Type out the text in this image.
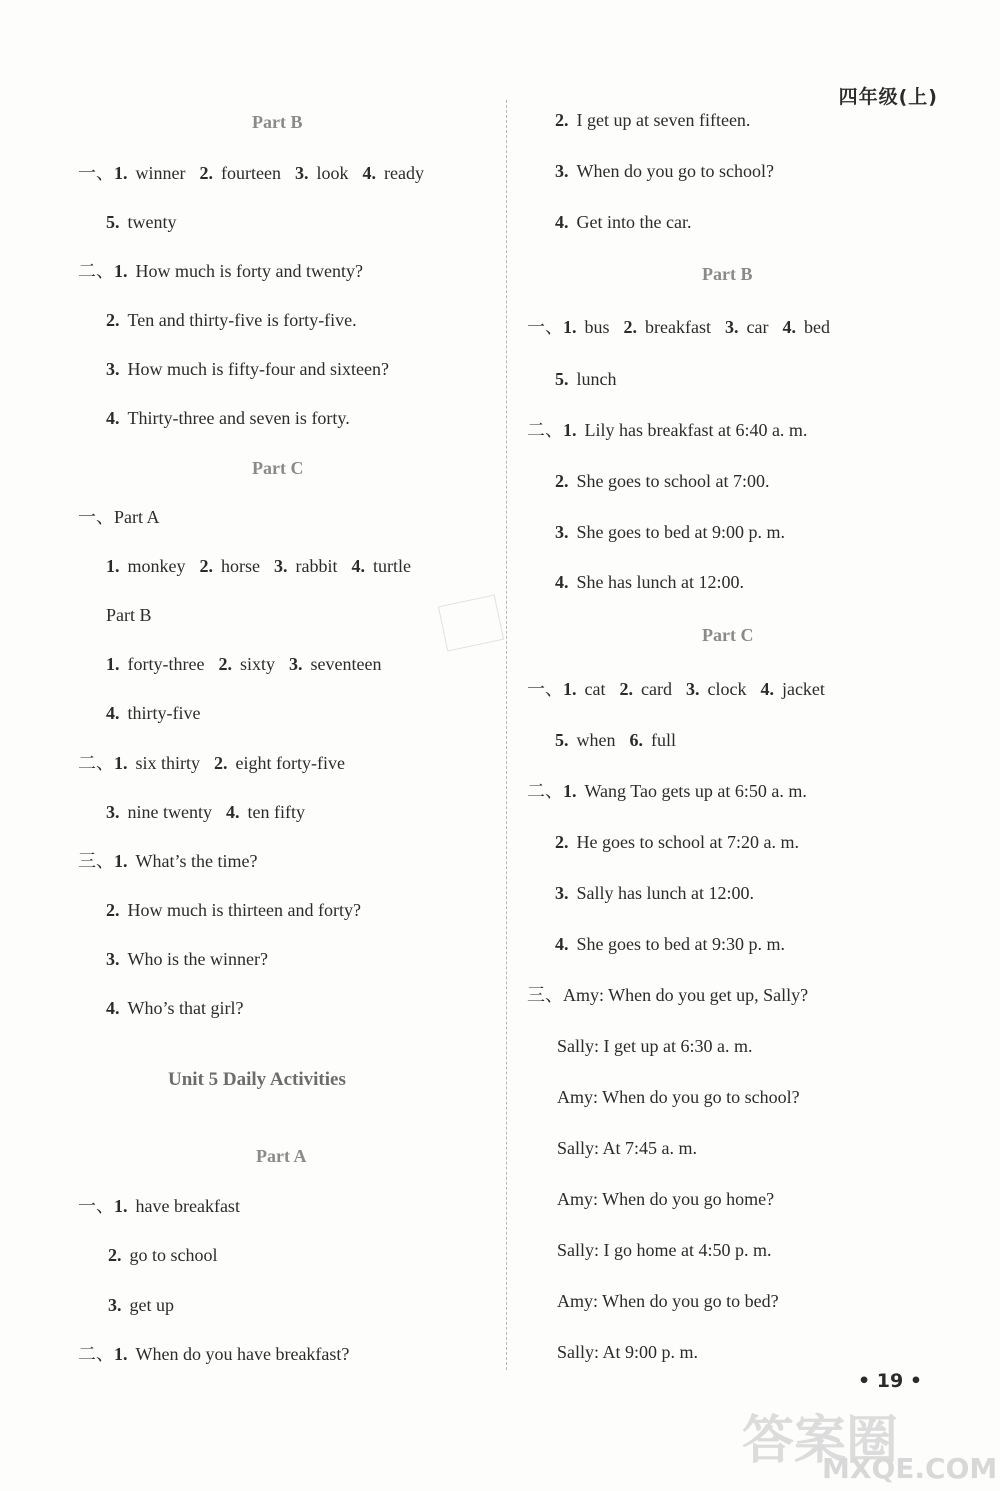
四年级(上)
Part B
一、1. winner 2. fourteen 3. look 4. ready
5. twenty
二、1. How much is forty and twenty?
2. Ten and thirty-five is forty-five.
3. How much is fifty-four and sixteen?
4. Thirty-three and seven is forty.
Part C
一、Part A
1. monkey 2. horse 3. rabbit 4. turtle
Part B
1. forty-three 2. sixty 3. seventeen
4. thirty-five
二、1. six thirty 2. eight forty-five
3. nine twenty 4. ten fifty
三、1. What’s the time?
2. How much is thirteen and forty?
3. Who is the winner?
4. Who’s that girl?
Unit 5 Daily Activities
Part A
一、1. have breakfast
2. go to school
3. get up
二、1. When do you have breakfast?
2. I get up at seven fifteen.
3. When do you go to school?
4. Get into the car.
Part B
一、1. bus 2. breakfast 3. car 4. bed
5. lunch
二、1. Lily has breakfast at 6:40 a. m.
2. She goes to school at 7:00.
3. She goes to bed at 9:00 p. m.
4. She has lunch at 12:00.
Part C
一、1. cat 2. card 3. clock 4. jacket
5. when 6. full
二、1. Wang Tao gets up at 6:50 a. m.
2. He goes to school at 7:20 a. m.
3. Sally has lunch at 12:00.
4. She goes to bed at 9:30 p. m.
三、Amy: When do you get up, Sally?
Sally: I get up at 6:30 a. m.
Amy: When do you go to school?
Sally: At 7:45 a. m.
Amy: When do you go home?
Sally: I go home at 4:50 p. m.
Amy: When do you go to bed?
Sally: At 9:00 p. m.
• 19 •
答案圈
MXQE.COM
